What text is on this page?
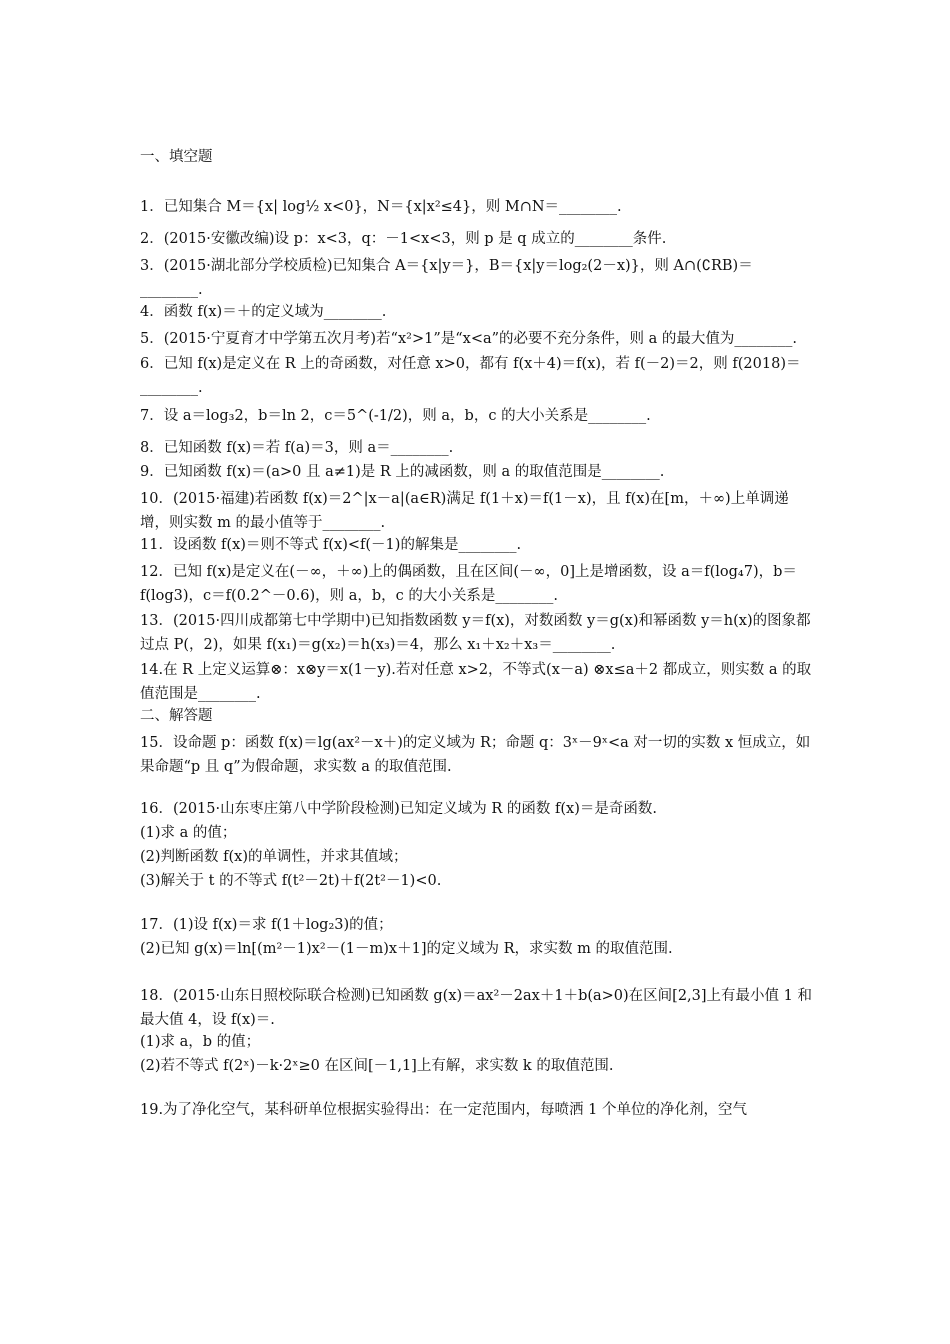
一、填空题
1．已知集合 M＝{x| log½ x<0}，N＝{x|x²≤4}，则 M∩N＝________.
2．(2015·安徽改编)设 p：x<3，q：－1<x<3，则 p 是 q 成立的________条件.
3．(2015·湖北部分学校质检)已知集合 A＝{x|y＝}，B＝{x|y＝log₂(2－x)}，则 A∩(∁RB)＝________.
4．函数 f(x)＝＋的定义域为________.
5．(2015·宁夏育才中学第五次月考)若“x²>1”是“x<a”的必要不充分条件，则 a 的最大值为________.
6．已知 f(x)是定义在 R 上的奇函数，对任意 x>0，都有 f(x＋4)＝f(x)，若 f(－2)＝2，则 f(2018)＝________.
7．设 a＝log₃2，b＝ln 2，c＝5^(-1/2)，则 a，b，c 的大小关系是________.
8．已知函数 f(x)＝若 f(a)＝3，则 a＝________.
9．已知函数 f(x)＝(a>0 且 a≠1)是 R 上的减函数，则 a 的取值范围是________.
10．(2015·福建)若函数 f(x)＝2^|x－a|(a∈R)满足 f(1＋x)＝f(1－x)，且 f(x)在[m，＋∞)上单调递增，则实数 m 的最小值等于________.
11．设函数 f(x)＝则不等式 f(x)<f(－1)的解集是________.
12．已知 f(x)是定义在(－∞，＋∞)上的偶函数，且在区间(－∞，0]上是增函数，设 a＝f(log₄7)，b＝f(log3)，c＝f(0.2^－0.6)，则 a，b，c 的大小关系是________.
13．(2015·四川成都第七中学期中)已知指数函数 y＝f(x)，对数函数 y＝g(x)和幂函数 y＝h(x)的图象都过点 P(，2)，如果 f(x₁)＝g(x₂)＝h(x₃)＝4，那么 x₁＋x₂＋x₃＝________.
14.在 R 上定义运算⊗：x⊗y＝x(1－y).若对任意 x>2，不等式(x－a) ⊗x≤a＋2 都成立，则实数 a 的取值范围是________.
二、解答题
15．设命题 p：函数 f(x)＝lg(ax²－x＋)的定义域为 R；命题 q：3ˣ－9ˣ<a 对一切的实数 x 恒成立，如果命题“p 且 q”为假命题，求实数 a 的取值范围.
16．(2015·山东枣庄第八中学阶段检测)已知定义域为 R 的函数 f(x)＝是奇函数.
(1)求 a 的值；
(2)判断函数 f(x)的单调性，并求其值域；
(3)解关于 t 的不等式 f(t²－2t)＋f(2t²－1)<0.
17．(1)设 f(x)＝求 f(1＋log₂3)的值；
(2)已知 g(x)＝ln[(m²－1)x²－(1－m)x＋1]的定义域为 R，求实数 m 的取值范围.
18．(2015·山东日照校际联合检测)已知函数 g(x)＝ax²－2ax＋1＋b(a>0)在区间[2,3]上有最小值 1 和最大值 4，设 f(x)＝.
(1)求 a，b 的值；
(2)若不等式 f(2ˣ)－k·2ˣ≥0 在区间[－1,1]上有解，求实数 k 的取值范围.
19.为了净化空气，某科研单位根据实验得出：在一定范围内，每喷洒 1 个单位的净化剂，空气
